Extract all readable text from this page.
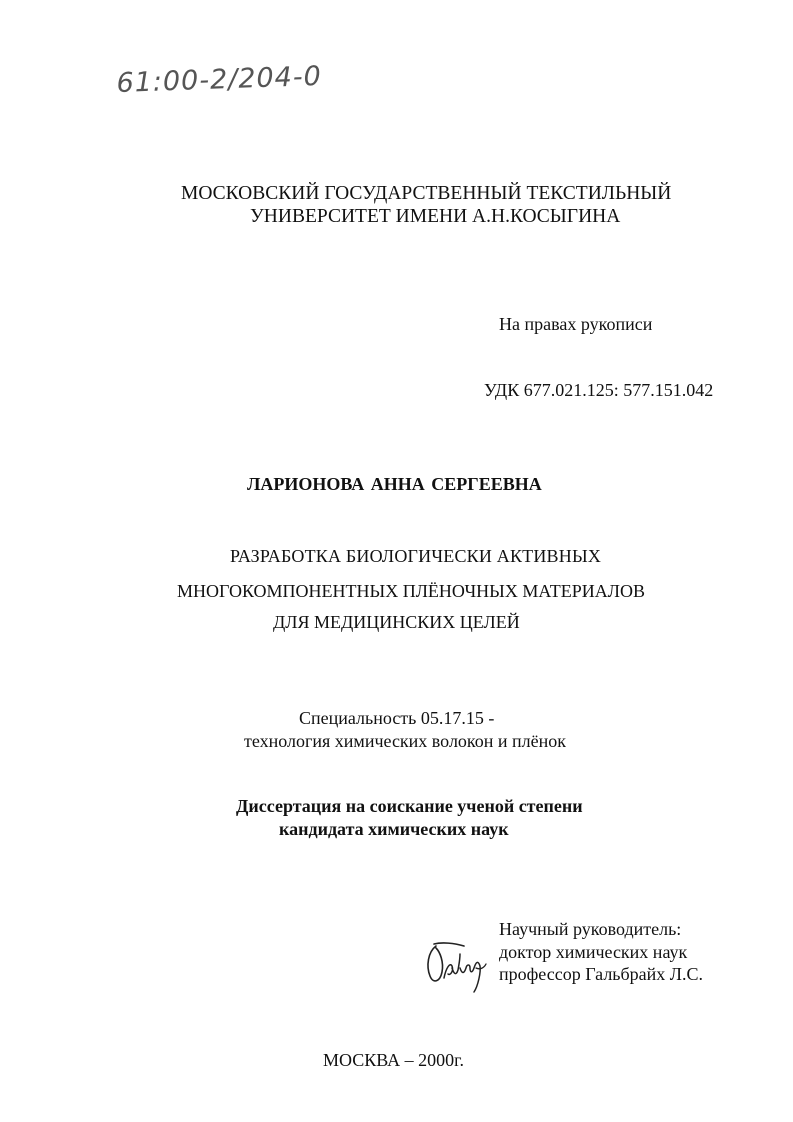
61:00-2/204-0
МОСКОВСКИЙ ГОСУДАРСТВЕННЫЙ ТЕКСТИЛЬНЫЙ
УНИВЕРСИТЕТ ИМЕНИ А.Н.КОСЫГИНА
На правах рукописи
УДК 677.021.125: 577.151.042
ЛАРИОНОВА АННА СЕРГЕЕВНА
РАЗРАБОТКА БИОЛОГИЧЕСКИ АКТИВНЫХ
МНОГОКОМПОНЕНТНЫХ ПЛЁНОЧНЫХ МАТЕРИАЛОВ
ДЛЯ МЕДИЦИНСКИХ ЦЕЛЕЙ
Специальность 05.17.15 -
технология химических волокон и плёнок
Диссертация на соискание ученой степени
кандидата химических наук
Научный руководитель:
доктор химических наук
профессор Гальбрайх Л.С.
МОСКВА – 2000г.
